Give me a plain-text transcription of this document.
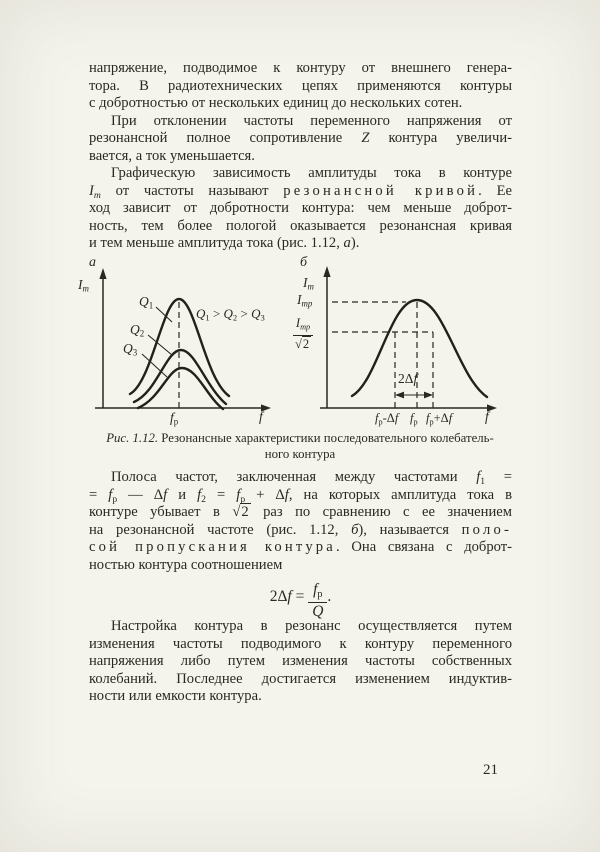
напряжение, подводимое к контуру от внешнего генера-
тора. В радиотехнических цепях применяются контуры
с добротностью от нескольких единиц до нескольких сотен.
При отклонении частоты переменного напряжения от
резонансной полное сопротивление Z контура увеличи-
вается, а ток уменьшается.
Графическую зависимость амплитуды тока в контуре
Im от частоты называют резонансной кривой. Ее
ход зависит от добротности контура: чем меньше доброт-
ность, тем более пологой оказывается резонансная кривая
и тем меньше амплитуда тока (рис. 1.12, а).
а
Im
Q1
Q2
Q3
Q1 > Q2 > Q3
fр	f
б
Im
Imр
Imр
√2
2Δf
fр-Δf fр fр+Δf f
Рис. 1.12. Резонансные характеристики последовательного колебатель-
ного контура
Полоса частот, заключенная между частотами f1 =
= fр — Δf и f2 = fр + Δf, на которых амплитуда тока в
контуре убывает в √2 раз по сравнению с ее значением
на резонансной частоте (рис. 1.12, б), называется поло-
сой пропускания контура. Она связана с доброт-
ностью контура соотношением
$2\Delta f = \frac{fр}{Q}$ .
Настройка контура в резонанс осуществляется путем
изменения частоты подводимого к контуру переменного
напряжения либо путем изменения частоты собственных
колебаний. Последнее достигается изменением индуктив-
ности или емкости контура.
21
